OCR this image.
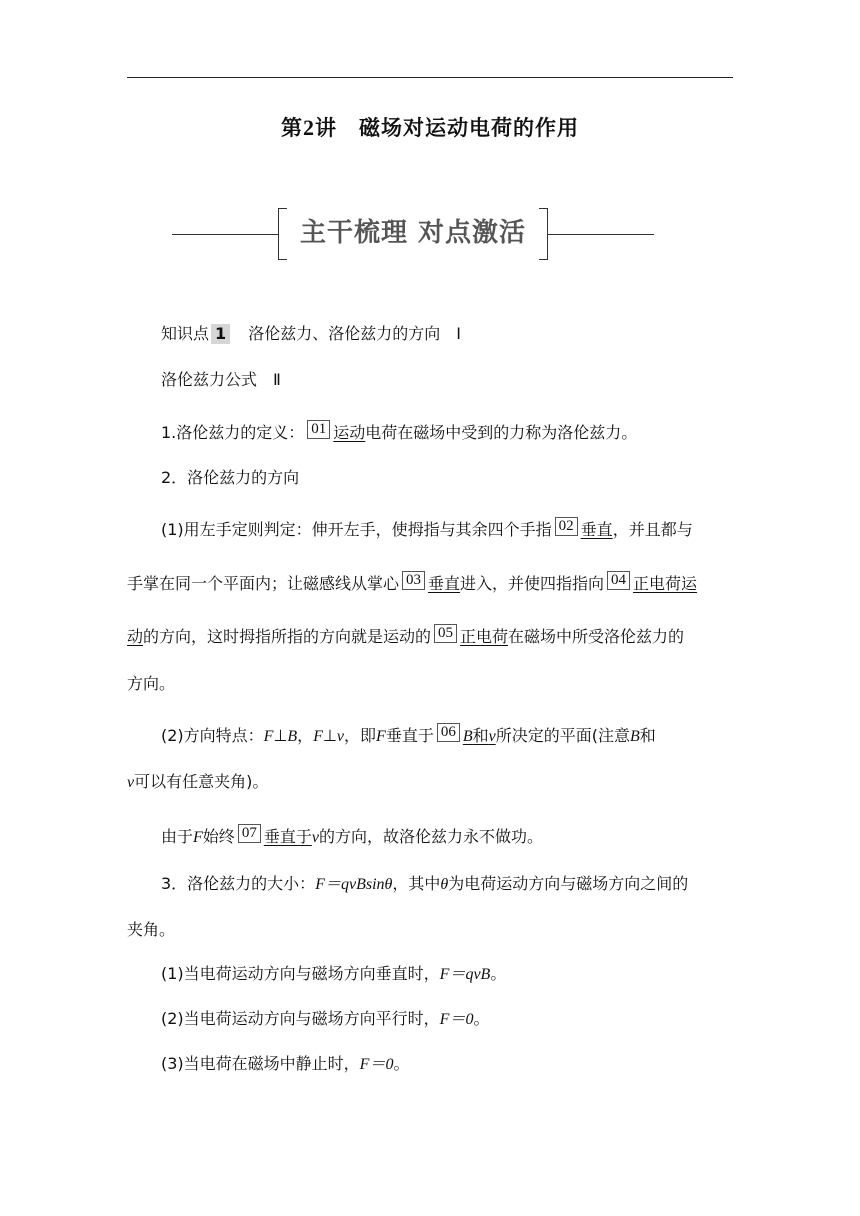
第2讲　磁场对运动电荷的作用
主干梳理 对点激活
知识点 1 洛伦兹力、洛伦兹力的方向　Ⅰ
洛伦兹力公式　Ⅱ
1.洛伦兹力的定义： 01 运动电荷在磁场中受到的力称为洛伦兹力。
2．洛伦兹力的方向
(1)用左手定则判定：伸开左手，使拇指与其余四个手指 02 垂直，并且都与
手掌在同一个平面内；让磁感线从掌心 03 垂直进入，并使四指指向 04 正电荷运
动的方向，这时拇指所指的方向就是运动的 05 正电荷在磁场中所受洛伦兹力的
方向。
(2)方向特点：F⊥B，F⊥v，即F垂直于 06 B和v所决定的平面(注意B和
v可以有任意夹角)。
由于F始终 07 垂直于v的方向，故洛伦兹力永不做功。
3．洛伦兹力的大小：F＝qvBsinθ，其中θ为电荷运动方向与磁场方向之间的
夹角。
(1)当电荷运动方向与磁场方向垂直时，F＝qvB。
(2)当电荷运动方向与磁场方向平行时，F＝0。
(3)当电荷在磁场中静止时，F＝0。
